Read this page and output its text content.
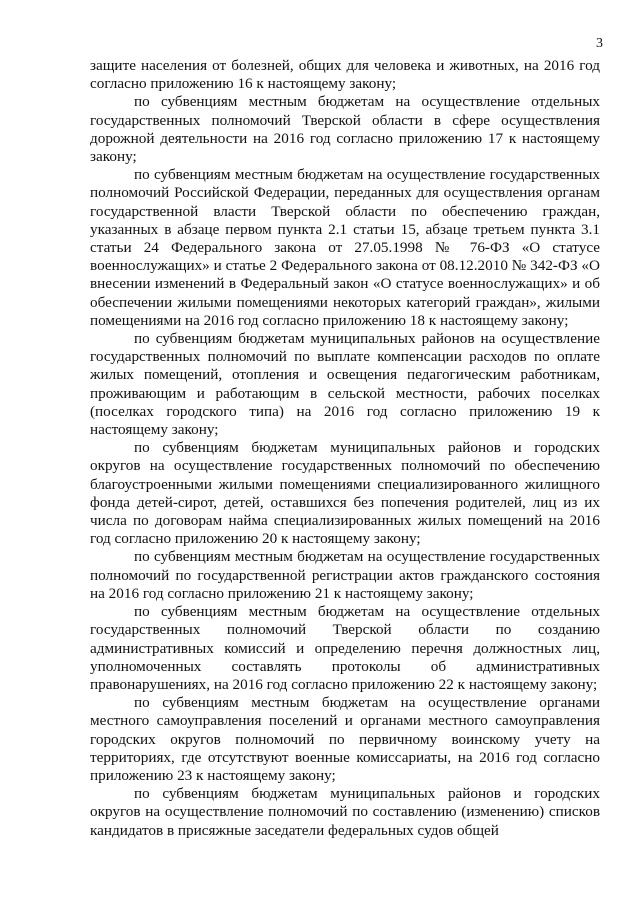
3

защите населения от болезней, общих для человека и животных, на 2016 год согласно приложению 16 к настоящему закону;

по субвенциям местным бюджетам на осуществление отдельных государственных полномочий Тверской области в сфере осуществления дорожной деятельности на 2016 год согласно приложению 17 к настоящему закону;

по субвенциям местным бюджетам на осуществление государственных полномочий Российской Федерации, переданных для осуществления органам государственной власти Тверской области по обеспечению граждан, указанных в абзаце первом пункта 2.1 статьи 15, абзаце третьем пункта 3.1 статьи 24 Федерального закона от 27.05.1998 № 76-ФЗ «О статусе военнослужащих» и статье 2 Федерального закона от 08.12.2010 № 342-ФЗ «О внесении изменений в Федеральный закон «О статусе военнослужащих» и об обеспечении жилыми помещениями некоторых категорий граждан», жилыми помещениями на 2016 год согласно приложению 18 к настоящему закону;

по субвенциям бюджетам муниципальных районов на осуществление государственных полномочий по выплате компенсации расходов по оплате жилых помещений, отопления и освещения педагогическим работникам, проживающим и работающим в сельской местности, рабочих поселках (поселках городского типа) на 2016 год согласно приложению 19 к настоящему закону;

по субвенциям бюджетам муниципальных районов и городских округов на осуществление государственных полномочий по обеспечению благоустроенными жилыми помещениями специализированного жилищного фонда детей-сирот, детей, оставшихся без попечения родителей, лиц из их числа по договорам найма специализированных жилых помещений на 2016 год согласно приложению 20 к настоящему закону;

по субвенциям местным бюджетам на осуществление государственных полномочий по государственной регистрации актов гражданского состояния на 2016 год согласно приложению 21 к настоящему закону;

по субвенциям местным бюджетам на осуществление отдельных государственных полномочий Тверской области по созданию административных комиссий и определению перечня должностных лиц, уполномоченных составлять протоколы об административных правонарушениях, на 2016 год согласно приложению 22 к настоящему закону;

по субвенциям местным бюджетам на осуществление органами местного самоуправления поселений и органами местного самоуправления городских округов полномочий по первичному воинскому учету на территориях, где отсутствуют военные комиссариаты, на 2016 год согласно приложению 23 к настоящему закону;

по субвенциям бюджетам муниципальных районов и городских округов на осуществление полномочий по составлению (изменению) списков кандидатов в присяжные заседатели федеральных судов общей
